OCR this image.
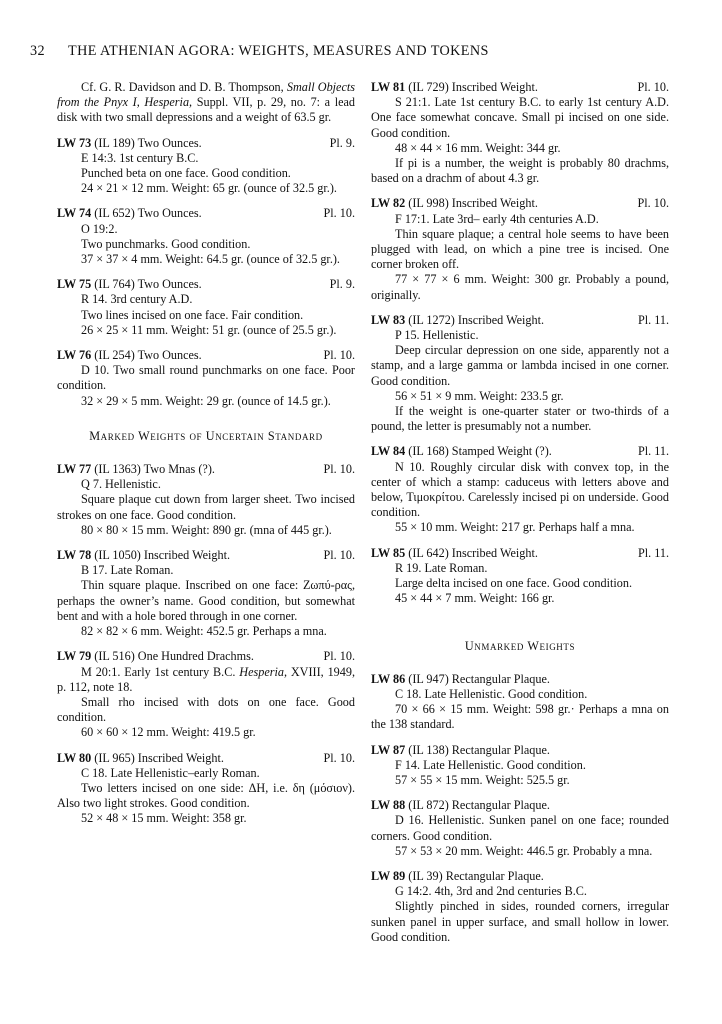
32 THE ATHENIAN AGORA: WEIGHTS, MEASURES AND TOKENS

Cf. G. R. Davidson and D. B. Thompson, Small Objects from the Pnyx I, Hesperia, Suppl. VII, p. 29, no. 7: a lead disk with two small depressions and a weight of 63.5 gr.

LW 73 (IL 189) Two Ounces.	Pl. 9.

E 14:3. 1st century B.C.

Punched beta on one face. Good condition.

24 × 21 × 12 mm. Weight: 65 gr. (ounce of 32.5 gr.).

LW 74 (IL 652) Two Ounces.	Pl. 10.

O 19:2.

Two punchmarks. Good condition.

37 × 37 × 4 mm. Weight: 64.5 gr. (ounce of 32.5 gr.).

LW 75 (IL 764) Two Ounces.	Pl. 9.

R 14. 3rd century A.D.

Two lines incised on one face. Fair condition.

26 × 25 × 11 mm. Weight: 51 gr. (ounce of 25.5 gr.).

LW 76 (IL 254) Two Ounces.	Pl. 10.

D 10. Two small round punchmarks on one face. Poor condition.

32 × 29 × 5 mm. Weight: 29 gr. (ounce of 14.5 gr.).

Marked Weights of Uncertain Standard
LW 77 (IL 1363) Two Mnas (?).	Pl. 10.

Q 7. Hellenistic.

Square plaque cut down from larger sheet. Two incised strokes on one face. Good condition.

80 × 80 × 15 mm. Weight: 890 gr. (mna of 445 gr.).

LW 78 (IL 1050) Inscribed Weight.	Pl. 10.

B 17. Late Roman.

Thin square plaque. Inscribed on one face: Ζωπύ-ρας, perhaps the owner’s name. Good condition, but somewhat bent and with a hole bored through in one corner.

82 × 82 × 6 mm. Weight: 452.5 gr. Perhaps a mna.

LW 79 (IL 516) One Hundred Drachms.	Pl. 10.

M 20:1. Early 1st century B.C. Hesperia, XVIII, 1949, p. 112, note 18.

Small rho incised with dots on one face. Good condition.

60 × 60 × 12 mm. Weight: 419.5 gr.

LW 80 (IL 965) Inscribed Weight.	Pl. 10.

C 18. Late Hellenistic–early Roman.

Two letters incised on one side: ΔΗ, i.e. δη (μόσιον). Also two light strokes. Good condition.

52 × 48 × 15 mm. Weight: 358 gr.

LW 81 (IL 729) Inscribed Weight.	Pl. 10.

S 21:1. Late 1st century B.C. to early 1st century A.D. One face somewhat concave. Small pi incised on one side. Good condition.

48 × 44 × 16 mm. Weight: 344 gr.

If pi is a number, the weight is probably 80 drachms, based on a drachm of about 4.3 gr.

LW 82 (IL 998) Inscribed Weight.	Pl. 10.

F 17:1. Late 3rd– early 4th centuries A.D.

Thin square plaque; a central hole seems to have been plugged with lead, on which a pine tree is incised. One corner broken off.

77 × 77 × 6 mm. Weight: 300 gr. Probably a pound, originally.

LW 83 (IL 1272) Inscribed Weight.	Pl. 11.

P 15. Hellenistic.

Deep circular depression on one side, apparently not a stamp, and a large gamma or lambda incised in one corner. Good condition.

56 × 51 × 9 mm. Weight: 233.5 gr.

If the weight is one-quarter stater or two-thirds of a pound, the letter is presumably not a number.

LW 84 (IL 168) Stamped Weight (?).	Pl. 11.

N 10. Roughly circular disk with convex top, in the center of which a stamp: caduceus with letters above and below, Τιμοκρίτου. Carelessly incised pi on underside. Good condition.

55 × 10 mm. Weight: 217 gr. Perhaps half a mna.

LW 85 (IL 642) Inscribed Weight.	Pl. 11.

R 19. Late Roman.

Large delta incised on one face. Good condition.

45 × 44 × 7 mm. Weight: 166 gr.

Unmarked Weights
LW 86 (IL 947) Rectangular Plaque.

C 18. Late Hellenistic. Good condition.

70 × 66 × 15 mm. Weight: 598 gr.· Perhaps a mna on the 138 standard.

LW 87 (IL 138) Rectangular Plaque.

F 14. Late Hellenistic. Good condition.

57 × 55 × 15 mm. Weight: 525.5 gr.

LW 88 (IL 872) Rectangular Plaque.

D 16. Hellenistic. Sunken panel on one face; rounded corners. Good condition.

57 × 53 × 20 mm. Weight: 446.5 gr. Probably a mna.

LW 89 (IL 39) Rectangular Plaque.

G 14:2. 4th, 3rd and 2nd centuries B.C.

Slightly pinched in sides, rounded corners, irregular sunken panel in upper surface, and small hollow in lower. Good condition.
